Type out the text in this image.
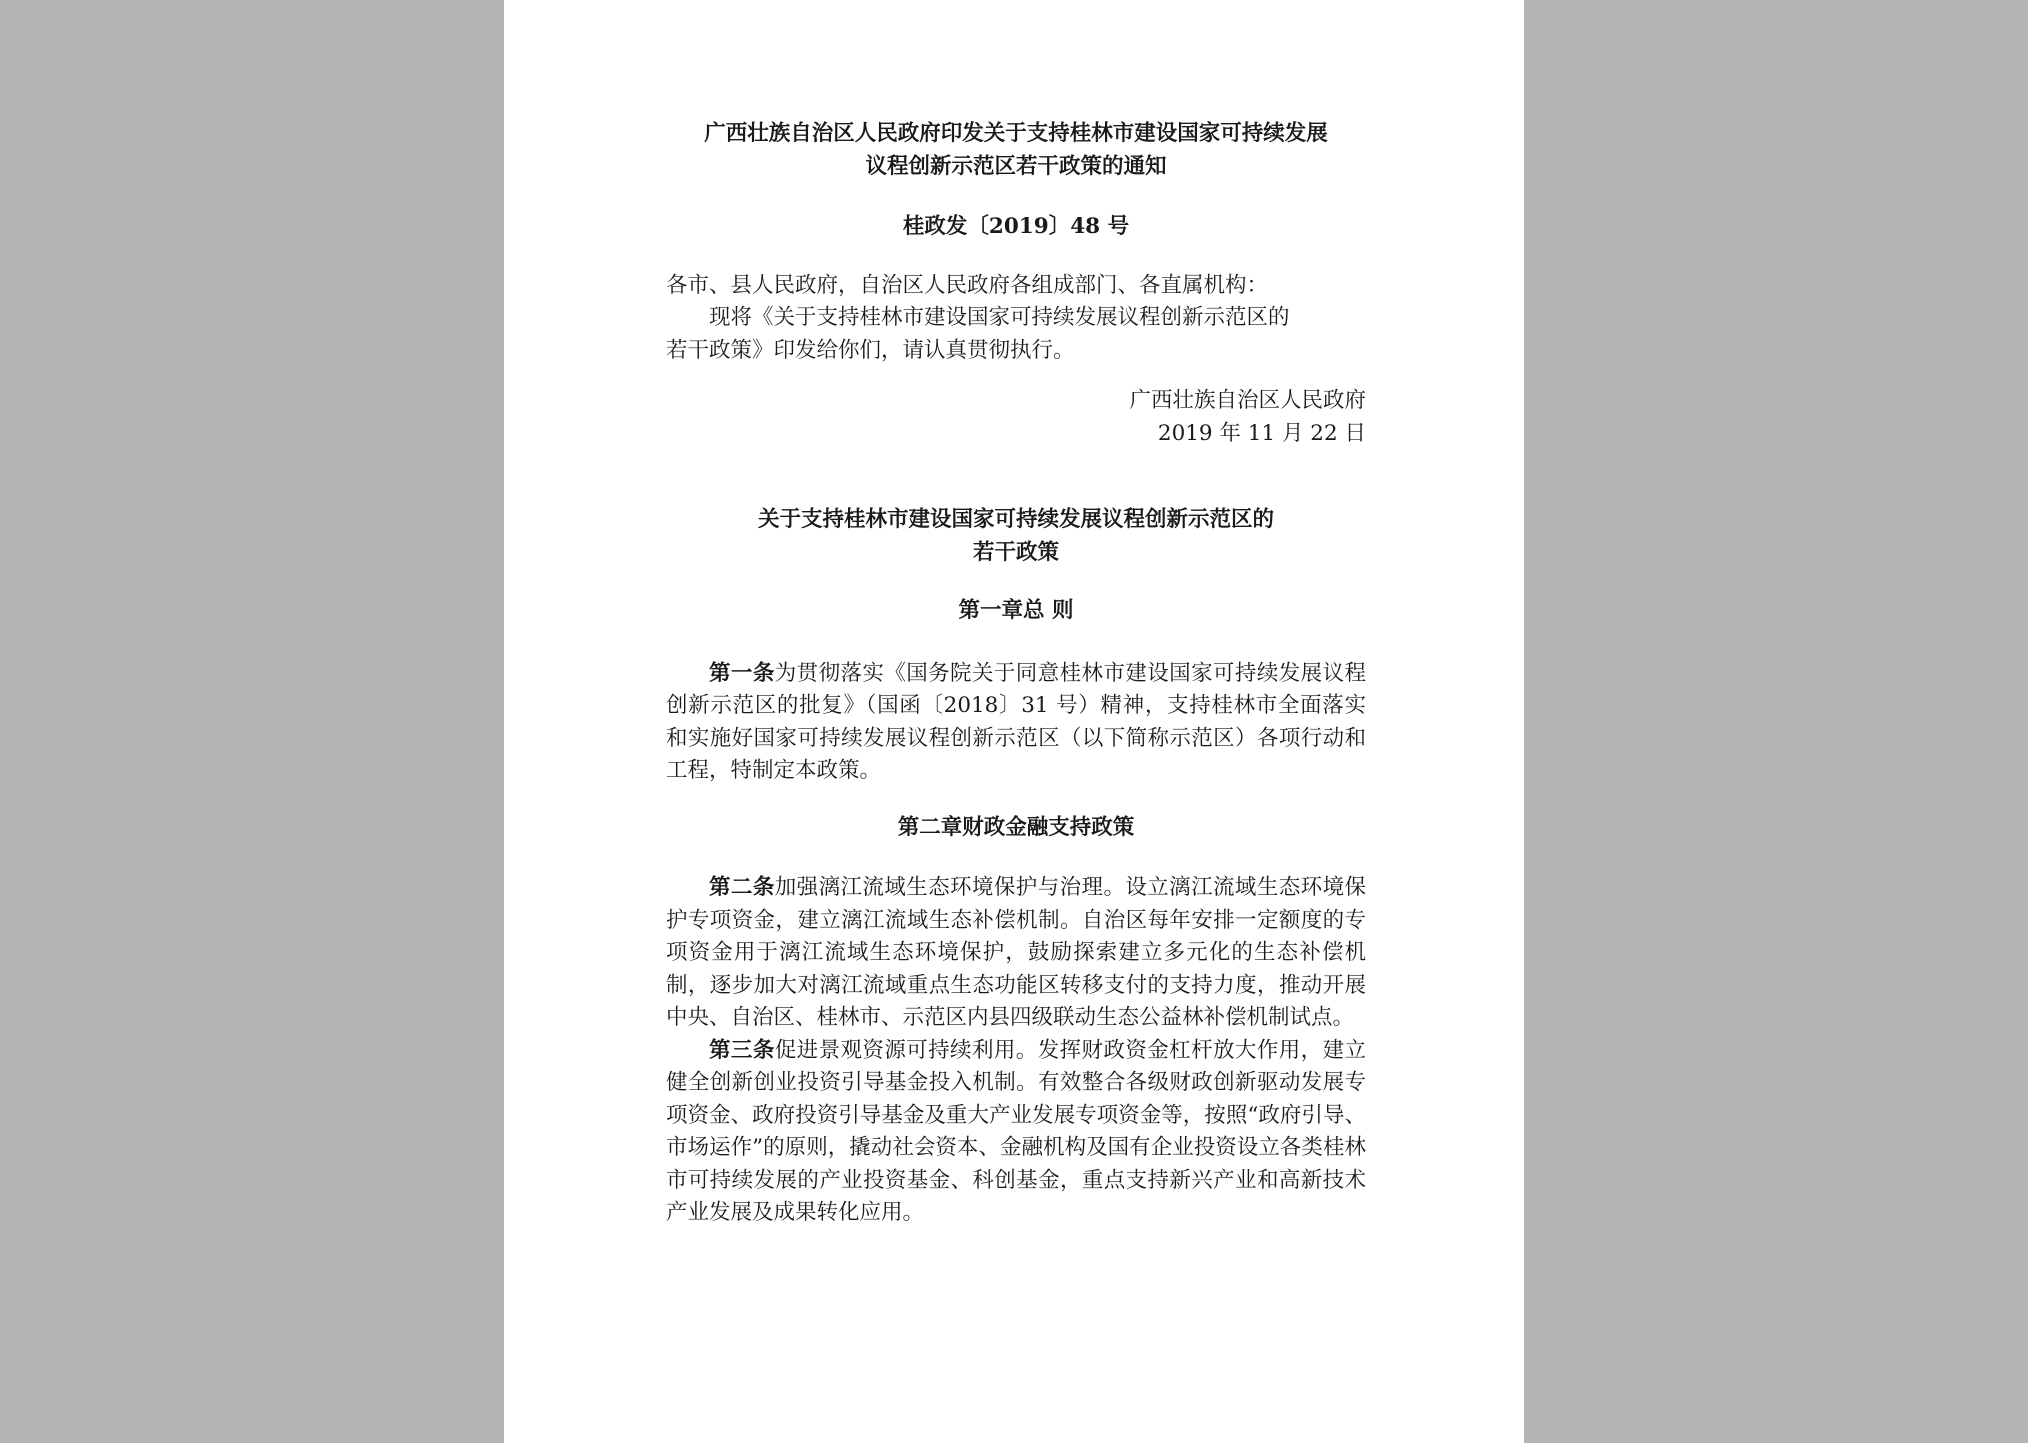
广西壮族自治区人民政府印发关于支持桂林市建设国家可持续发展

议程创新示范区若干政策的通知

桂政发〔2019〕48 号

各市、县人民政府，自治区人民政府各组成部门、各直属机构：

现将《关于支持桂林市建设国家可持续发展议程创新示范区的

若干政策》印发给你们，请认真贯彻执行。

广西壮族自治区人民政府

2019 年 11 月 22 日

关于支持桂林市建设国家可持续发展议程创新示范区的

若干政策

第一章总 则

第一条为贯彻落实《国务院关于同意桂林市建设国家可持续发展议程创新示范区的批复》（国函〔2018〕31 号）精神，支持桂林市全面落实和实施好国家可持续发展议程创新示范区（以下简称示范区）各项行动和工程，特制定本政策。

第二章财政金融支持政策

第二条加强漓江流域生态环境保护与治理。设立漓江流域生态环境保护专项资金，建立漓江流域生态补偿机制。自治区每年安排一定额度的专项资金用于漓江流域生态环境保护，鼓励探索建立多元化的生态补偿机制，逐步加大对漓江流域重点生态功能区转移支付的支持力度，推动开展中央、自治区、桂林市、示范区内县四级联动生态公益林补偿机制试点。

第三条促进景观资源可持续利用。发挥财政资金杠杆放大作用，建立健全创新创业投资引导基金投入机制。有效整合各级财政创新驱动发展专项资金、政府投资引导基金及重大产业发展专项资金等，按照“政府引导、市场运作”的原则，撬动社会资本、金融机构及国有企业投资设立各类桂林市可持续发展的产业投资基金、科创基金，重点支持新兴产业和高新技术产业发展及成果转化应用。
